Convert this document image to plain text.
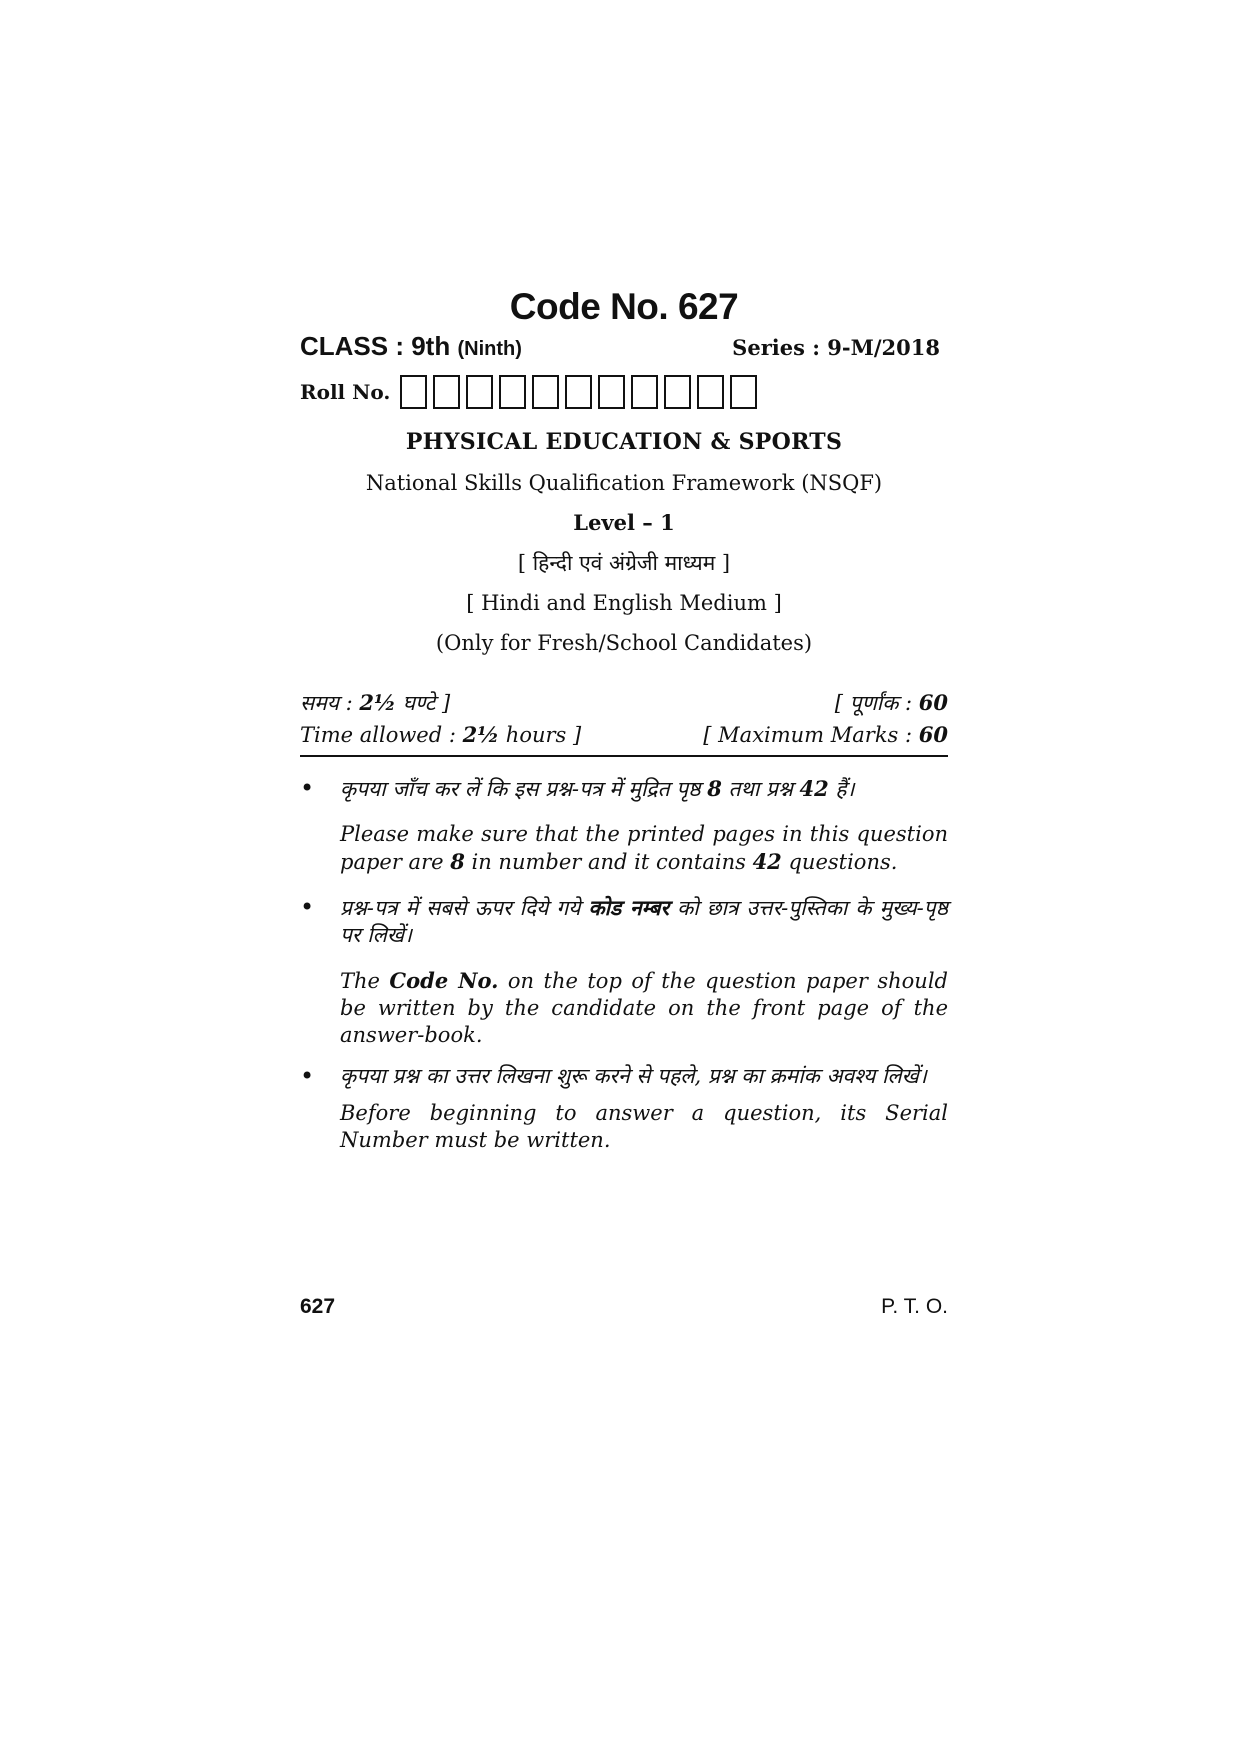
Code No. 627
CLASS : 9th (Ninth)	Series : 9-M/2018
Roll No.
PHYSICAL EDUCATION & SPORTS
National Skills Qualification Framework (NSQF)
Level – 1
[ हिन्दी एवं अंग्रेजी माध्यम ]
[ Hindi and English Medium ]
(Only for Fresh/School Candidates)
समय : 2½ घण्टे ]	[ पूर्णांक : 60
Time allowed : 2½ hours ]	[ Maximum Marks : 60
• कृपया जाँच कर लें कि इस प्रश्न-पत्र में मुद्रित पृष्ठ 8 तथा प्रश्न 42 हैं।
Please make sure that the printed pages in this question paper are 8 in number and it contains 42 questions.
• प्रश्न-पत्र में सबसे ऊपर दिये गये कोड नम्बर को छात्र उत्तर-पुस्तिका के मुख्य-पृष्ठ पर लिखें।
The Code No. on the top of the question paper should be written by the candidate on the front page of the answer-book.
• कृपया प्रश्न का उत्तर लिखना शुरू करने से पहले, प्रश्न का क्रमांक अवश्य लिखें।
Before beginning to answer a question, its Serial Number must be written.
627	P. T. O.
